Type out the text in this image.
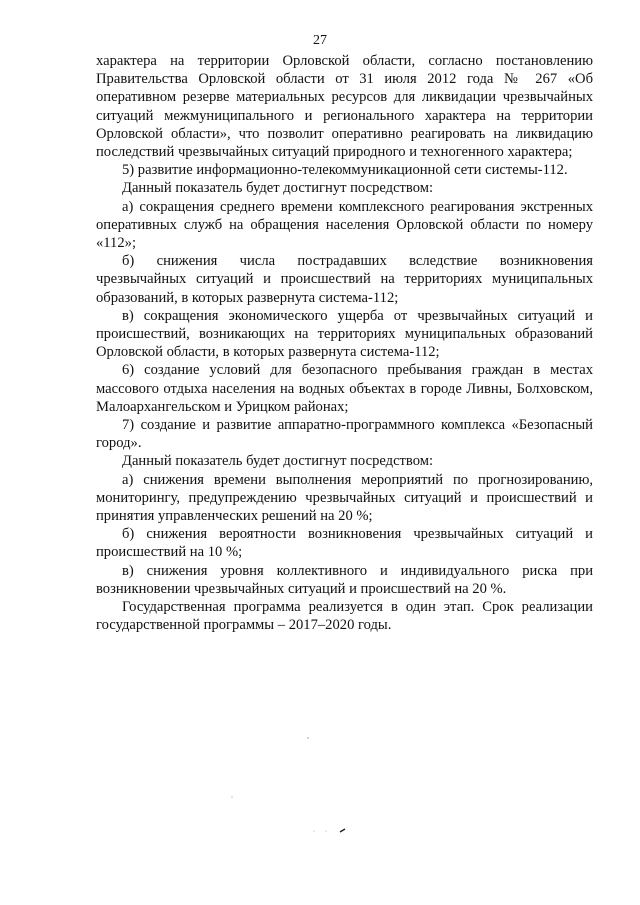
27

характера на территории Орловской области, согласно постановлению Правительства Орловской области от 31 июля 2012 года № 267 «Об оперативном резерве материальных ресурсов для ликвидации чрезвычайных ситуаций межмуниципального и регионального характера на территории Орловской области», что позволит оперативно реагировать на ликвидацию последствий чрезвычайных ситуаций природного и техногенного характера;

5) развитие информационно-телекоммуникационной сети системы-112.

Данный показатель будет достигнут посредством:

а) сокращения среднего времени комплексного реагирования экстренных оперативных служб на обращения населения Орловской области по номеру «112»;

б) снижения числа пострадавших вследствие возникновения чрезвычайных ситуаций и происшествий на территориях муниципальных образований, в которых развернута система-112;

в) сокращения экономического ущерба от чрезвычайных ситуаций и происшествий, возникающих на территориях муниципальных образований Орловской области, в которых развернута система-112;

6) создание условий для безопасного пребывания граждан в местах массового отдыха населения на водных объектах в городе Ливны, Болховском, Малоархангельском и Урицком районах;

7) создание и развитие аппаратно-программного комплекса «Безопасный город».

Данный показатель будет достигнут посредством:

а) снижения времени выполнения мероприятий по прогнозированию, мониторингу, предупреждению чрезвычайных ситуаций и происшествий и принятия управленческих решений на 20 %;

б) снижения вероятности возникновения чрезвычайных ситуаций и происшествий на 10 %;

в) снижения уровня коллективного и индивидуального риска при возникновении чрезвычайных ситуаций и происшествий на 20 %.

Государственная программа реализуется в один этап. Срок реализации государственной программы – 2017–2020 годы.
